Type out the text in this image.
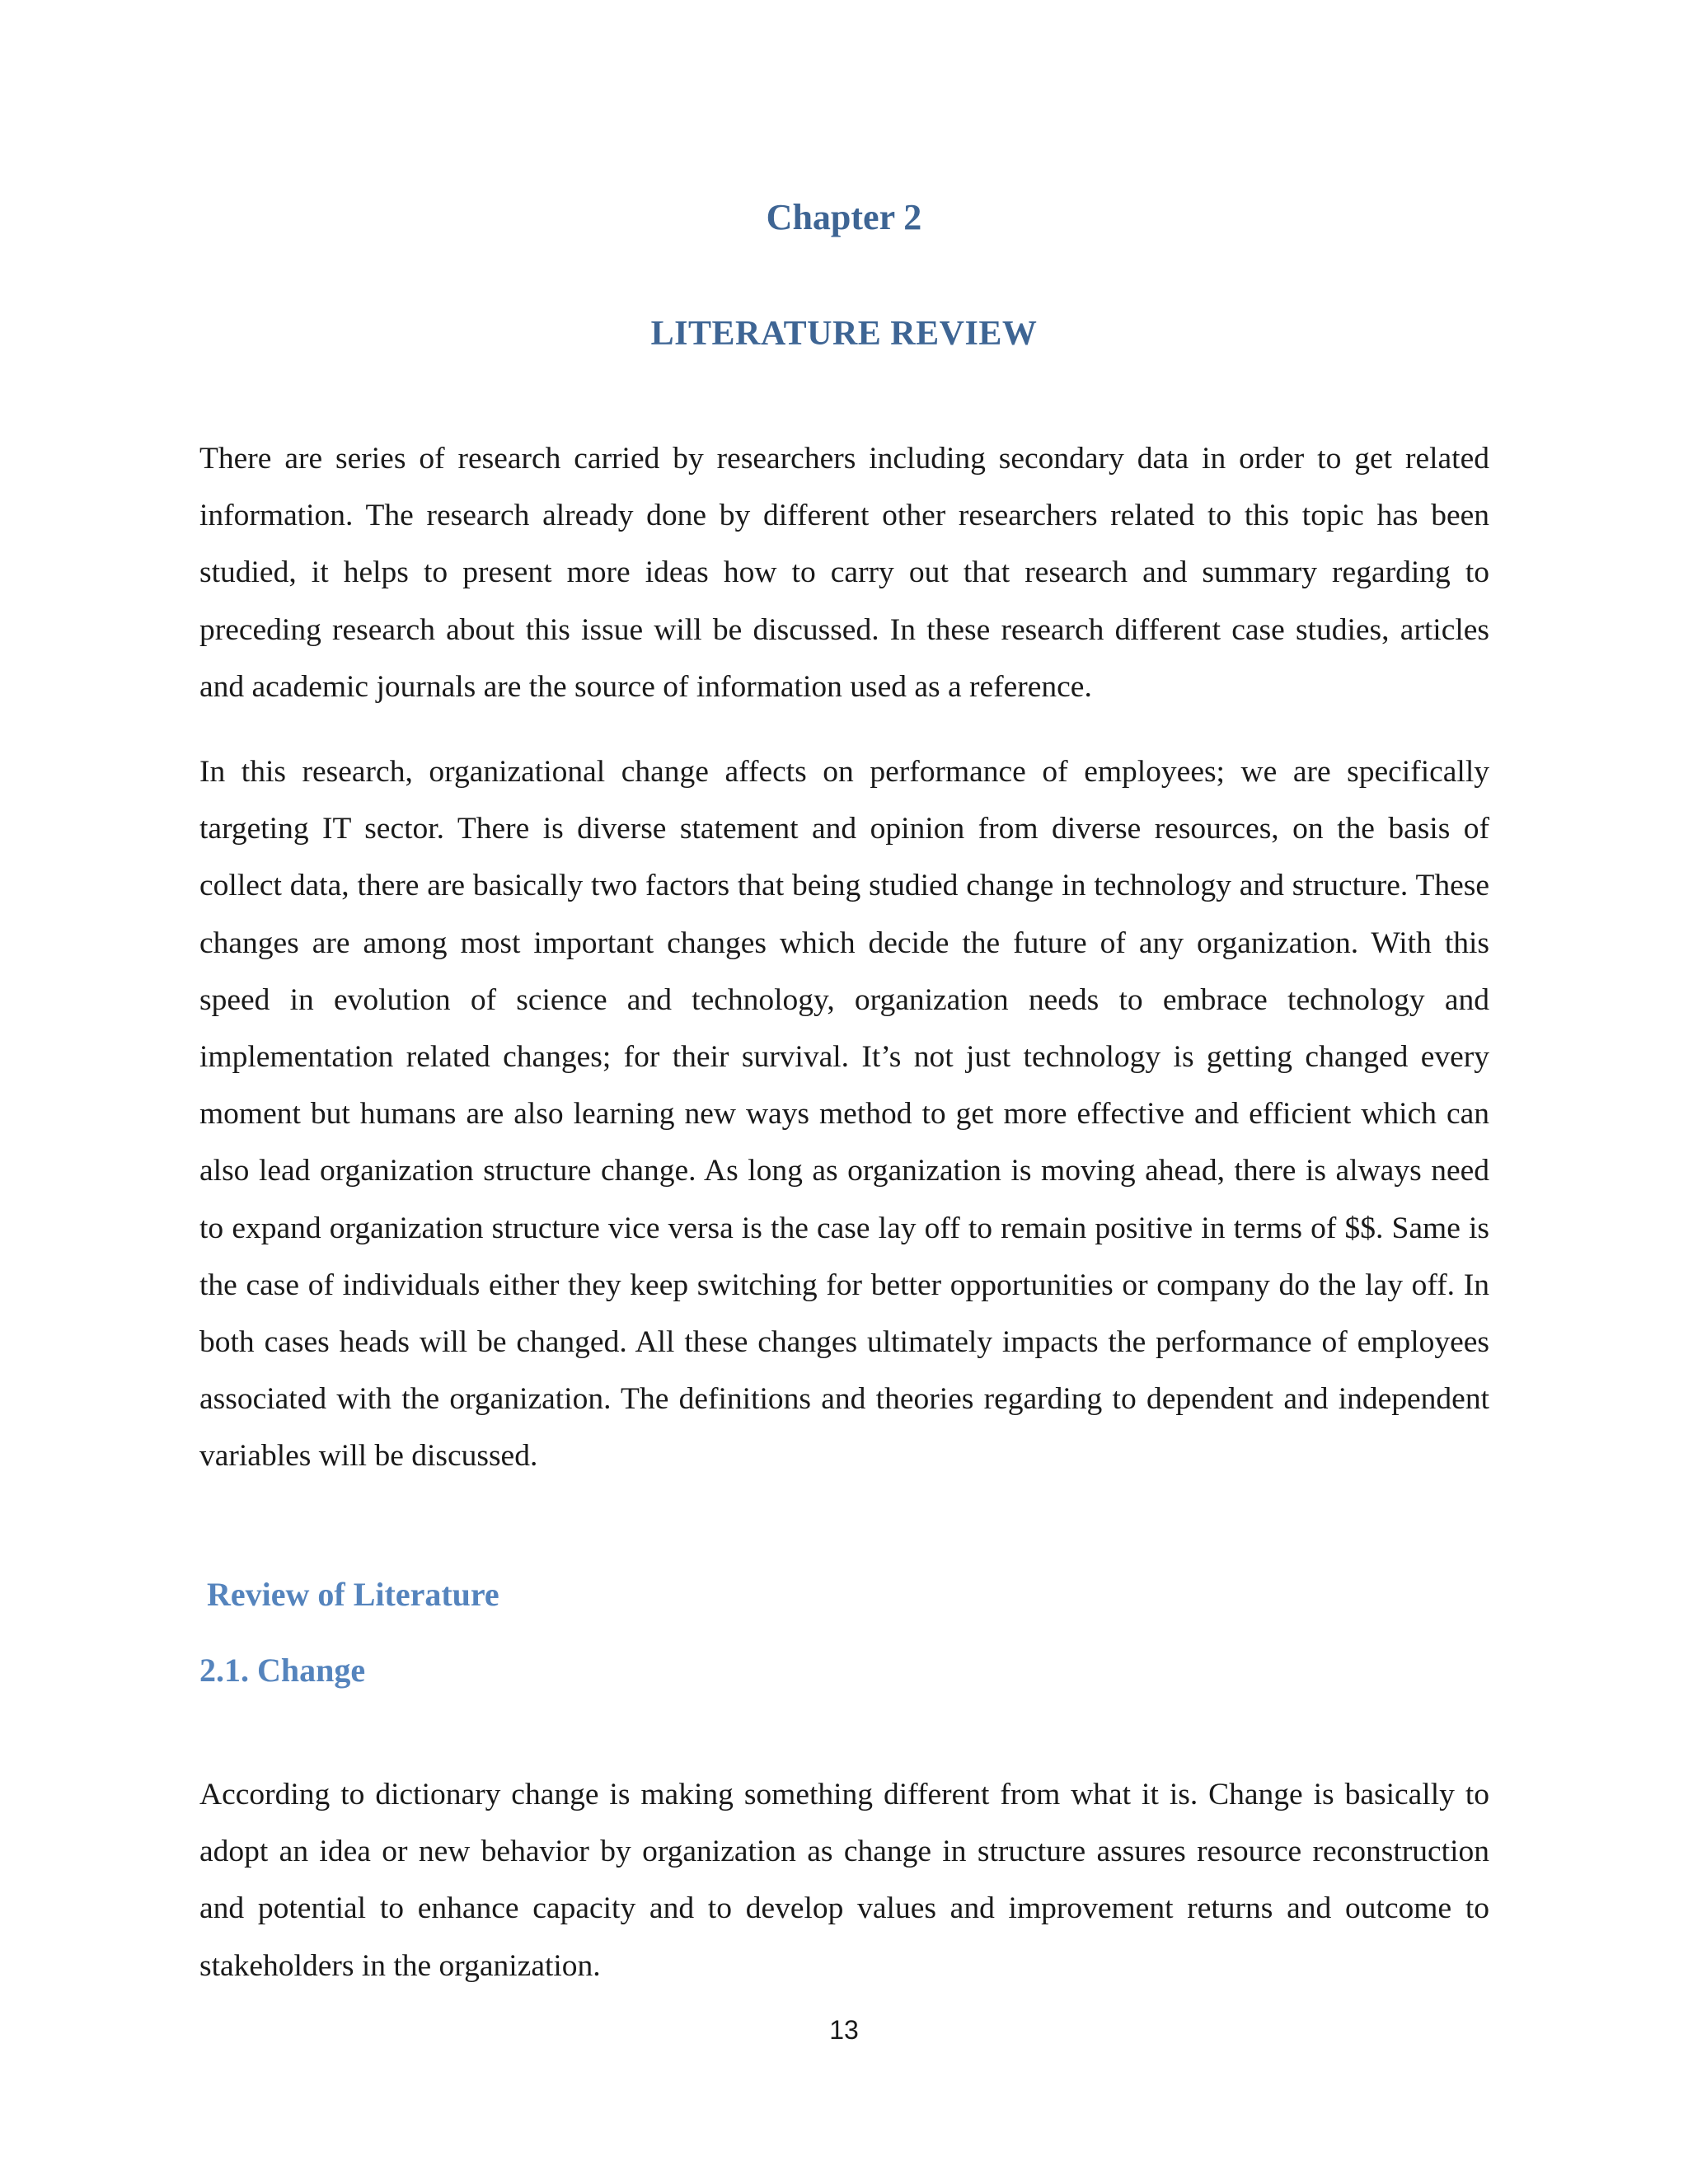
Chapter 2
LITERATURE REVIEW

There are series of research carried by researchers including secondary data in order to get related information. The research already done by different other researchers related to this topic has been studied, it helps to present more ideas how to carry out that research and summary regarding to preceding research about this issue will be discussed. In these research different case studies, articles and academic journals are the source of information used as a reference.

In this research, organizational change affects on performance of employees; we are specifically targeting IT sector. There is diverse statement and opinion from diverse resources, on the basis of collect data, there are basically two factors that being studied change in technology and structure. These changes are among most important changes which decide the future of any organization. With this speed in evolution of science and technology, organization needs to embrace technology and implementation related changes; for their survival. It’s not just technology is getting changed every moment but humans are also learning new ways method to get more effective and efficient which can also lead organization structure change. As long as organization is moving ahead, there is always need to expand organization structure vice versa is the case lay off to remain positive in terms of $$. Same is the case of individuals either they keep switching for better opportunities or company do the lay off. In both cases heads will be changed. All these changes ultimately impacts the performance of employees associated with the organization. The definitions and theories regarding to dependent and independent variables will be discussed.

Review of Literature
2.1. Change

According to dictionary change is making something different from what it is. Change is basically to adopt an idea or new behavior by organization as change in structure assures resource reconstruction and potential to enhance capacity and to develop values and improvement returns and outcome to stakeholders in the organization.

13
